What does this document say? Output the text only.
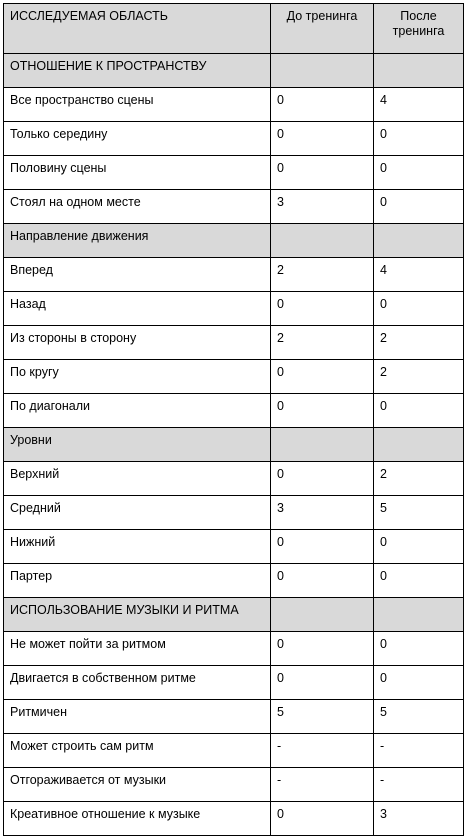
ИССЛЕДУЕМАЯ ОБЛАСТЬ	До тренинга	После тренинга
ОТНОШЕНИЕ К ПРОСТРАНСТВУ		
Все пространство сцены	0	4
Только середину	0	0
Половину сцены	0	0
Стоял на одном месте	3	0
Направление движения		
Вперед	2	4
Назад	0	0
Из стороны в сторону	2	2
По кругу	0	2
По диагонали	0	0
Уровни		
Верхний	0	2
Средний	3	5
Нижний	0	0
Партер	0	0
ИСПОЛЬЗОВАНИЕ МУЗЫКИ И РИТМА		
Не может пойти за ритмом	0	0
Двигается в собственном ритме	0	0
Ритмичен	5	5
Может строить сам ритм	-	-
Отгораживается от музыки	-	-
Креативное отношение к музыке	0	3
